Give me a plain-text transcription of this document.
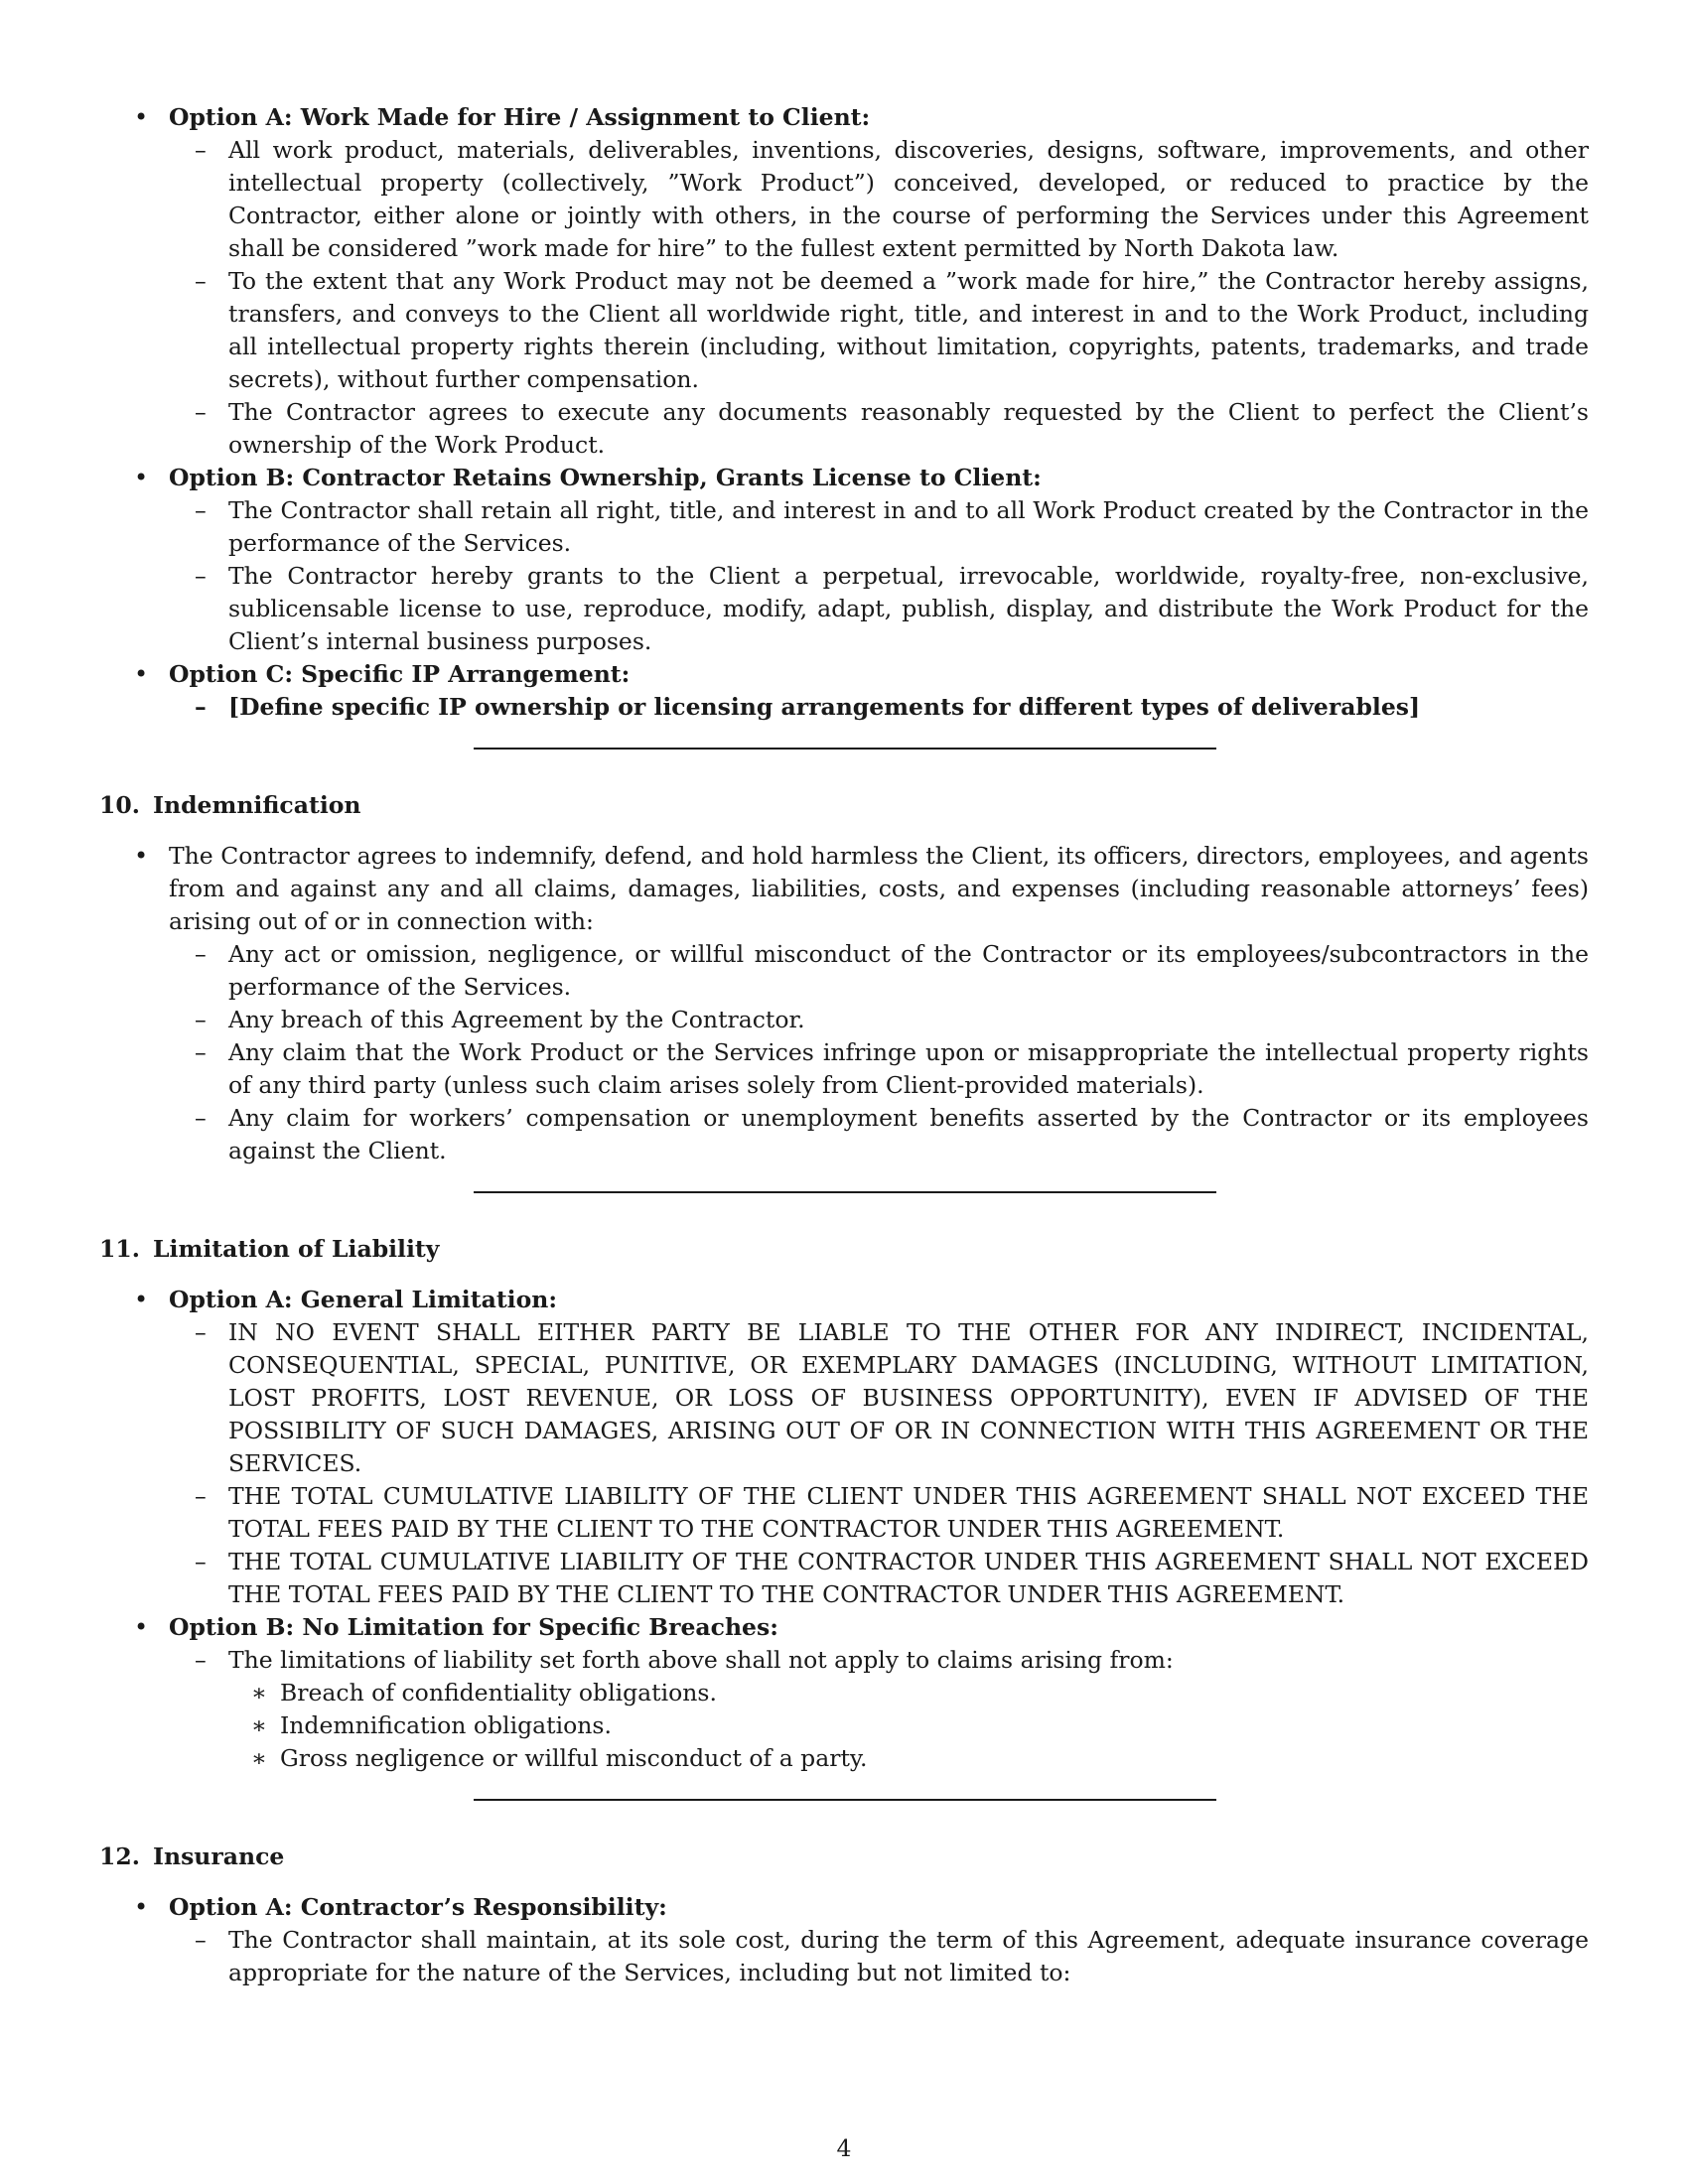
• Option A: Work Made for Hire / Assignment to Client:
– All work product, materials, deliverables, inventions, discoveries, designs, software, improvements, and other intellectual property (collectively, ”Work Product”) conceived, developed, or reduced to practice by the Contractor, either alone or jointly with others, in the course of performing the Services under this Agreement shall be considered ”work made for hire” to the fullest extent permitted by North Dakota law.
– To the extent that any Work Product may not be deemed a ”work made for hire,” the Contractor hereby assigns, transfers, and conveys to the Client all worldwide right, title, and interest in and to the Work Product, including all intellectual property rights therein (including, without limitation, copyrights, patents, trademarks, and trade secrets), without further compensation.
– The Contractor agrees to execute any documents reasonably requested by the Client to perfect the Client’s ownership of the Work Product.
• Option B: Contractor Retains Ownership, Grants License to Client:
– The Contractor shall retain all right, title, and interest in and to all Work Product created by the Contractor in the performance of the Services.
– The Contractor hereby grants to the Client a perpetual, irrevocable, worldwide, royalty-free, non-exclusive, sublicensable license to use, reproduce, modify, adapt, publish, display, and distribute the Work Product for the Client’s internal business purposes.
• Option C: Specific IP Arrangement:
– [Define specific IP ownership or licensing arrangements for different types of deliverables]
10. Indemnification
• The Contractor agrees to indemnify, defend, and hold harmless the Client, its officers, directors, employees, and agents from and against any and all claims, damages, liabilities, costs, and expenses (including reasonable attorneys’ fees) arising out of or in connection with:
– Any act or omission, negligence, or willful misconduct of the Contractor or its employees/subcontractors in the performance of the Services.
– Any breach of this Agreement by the Contractor.
– Any claim that the Work Product or the Services infringe upon or misappropriate the intellectual property rights of any third party (unless such claim arises solely from Client-provided materials).
– Any claim for workers’ compensation or unemployment benefits asserted by the Contractor or its employees against the Client.
11. Limitation of Liability
• Option A: General Limitation:
– IN NO EVENT SHALL EITHER PARTY BE LIABLE TO THE OTHER FOR ANY INDIRECT, INCIDENTAL, CONSEQUENTIAL, SPECIAL, PUNITIVE, OR EXEMPLARY DAMAGES (INCLUDING, WITHOUT LIMITATION, LOST PROFITS, LOST REVENUE, OR LOSS OF BUSINESS OPPORTUNITY), EVEN IF ADVISED OF THE POSSIBILITY OF SUCH DAMAGES, ARISING OUT OF OR IN CONNECTION WITH THIS AGREEMENT OR THE SERVICES.
– THE TOTAL CUMULATIVE LIABILITY OF THE CLIENT UNDER THIS AGREEMENT SHALL NOT EXCEED THE TOTAL FEES PAID BY THE CLIENT TO THE CONTRACTOR UNDER THIS AGREEMENT.
– THE TOTAL CUMULATIVE LIABILITY OF THE CONTRACTOR UNDER THIS AGREEMENT SHALL NOT EXCEED THE TOTAL FEES PAID BY THE CLIENT TO THE CONTRACTOR UNDER THIS AGREEMENT.
• Option B: No Limitation for Specific Breaches:
– The limitations of liability set forth above shall not apply to claims arising from:
∗ Breach of confidentiality obligations.
∗ Indemnification obligations.
∗ Gross negligence or willful misconduct of a party.
12. Insurance
• Option A: Contractor’s Responsibility:
– The Contractor shall maintain, at its sole cost, during the term of this Agreement, adequate insurance coverage appropriate for the nature of the Services, including but not limited to:
4
